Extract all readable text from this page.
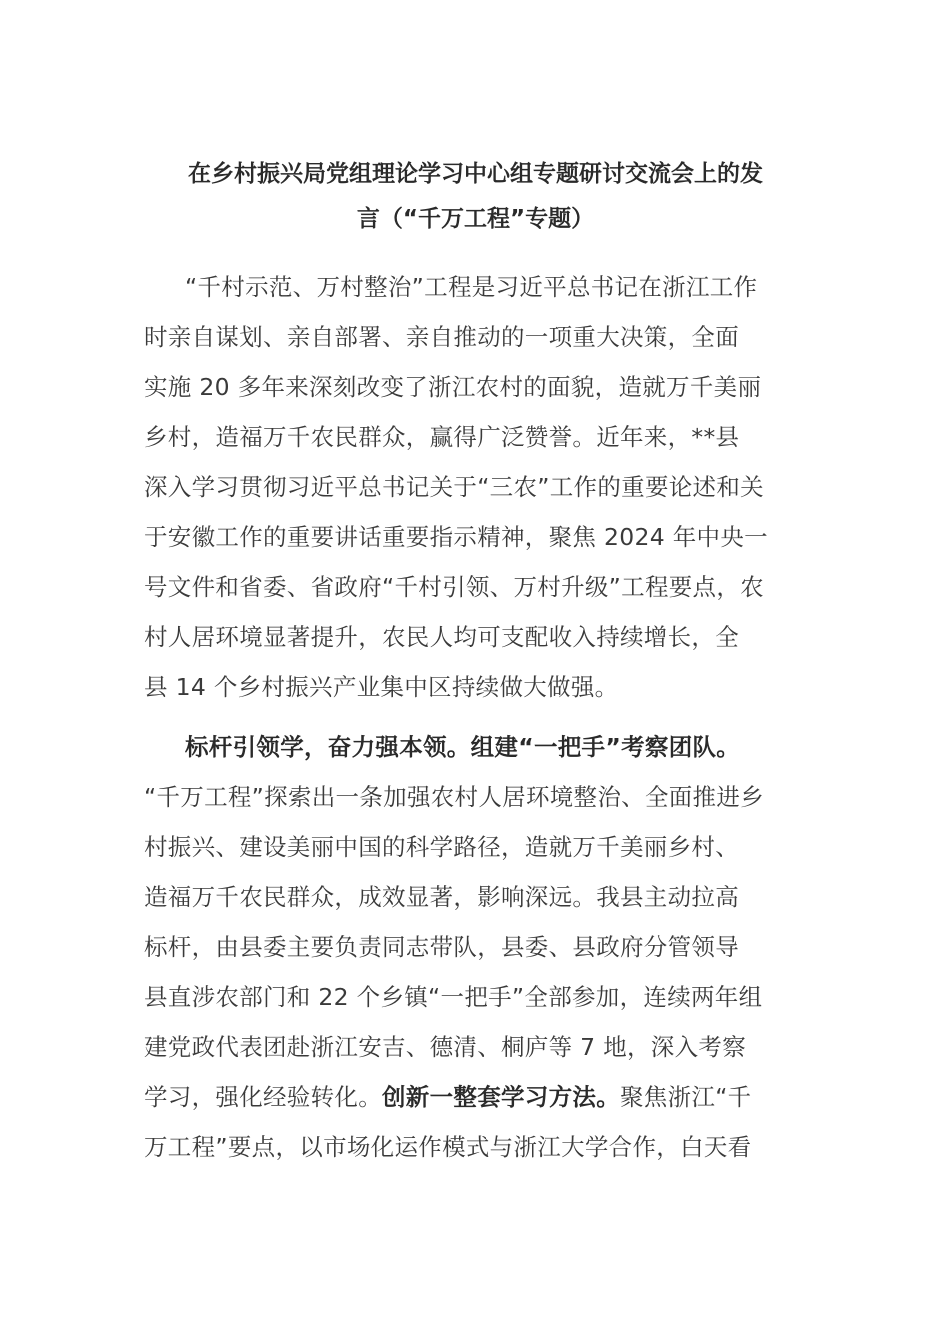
在乡村振兴局党组理论学习中心组专题研讨交流会上的发
言（“千万工程”专题）
“千村示范、万村整治”工程是习近平总书记在浙江工作
时亲自谋划、亲自部署、亲自推动的一项重大决策，全面
实施 20 多年来深刻改变了浙江农村的面貌，造就万千美丽
乡村，造福万千农民群众，赢得广泛赞誉。近年来，**县
深入学习贯彻习近平总书记关于“三农”工作的重要论述和关
于安徽工作的重要讲话重要指示精神，聚焦 2024 年中央一
号文件和省委、省政府“千村引领、万村升级”工程要点，农
村人居环境显著提升，农民人均可支配收入持续增长，全
县 14 个乡村振兴产业集中区持续做大做强。
标杆引领学，奋力强本领。组建“一把手”考察团队。
“千万工程”探索出一条加强农村人居环境整治、全面推进乡
村振兴、建设美丽中国的科学路径，造就万千美丽乡村、
造福万千农民群众，成效显著，影响深远。我县主动拉高
标杆，由县委主要负责同志带队，县委、县政府分管领导
县直涉农部门和 22 个乡镇“一把手”全部参加，连续两年组
建党政代表团赴浙江安吉、德清、桐庐等 7 地，深入考察
学习，强化经验转化。创新一整套学习方法。聚焦浙江“千
万工程”要点，以市场化运作模式与浙江大学合作，白天看
